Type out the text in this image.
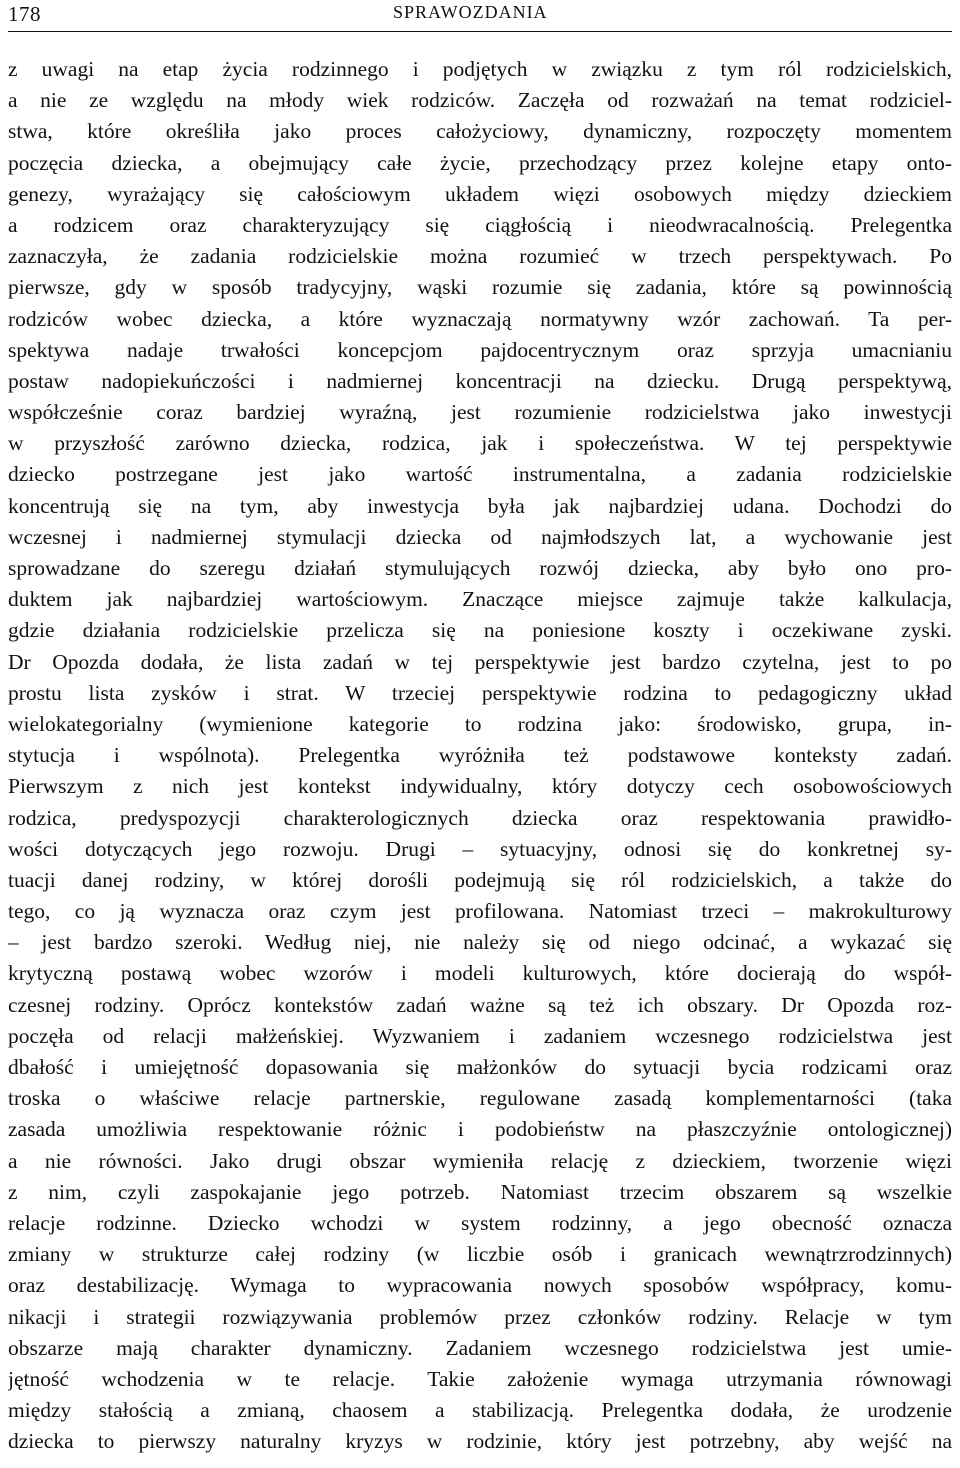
178	SPRAWOZDANIA
z uwagi na etap życia rodzinnego i podjętych w związku z tym ról rodzicielskich,
a nie ze względu na młody wiek rodziców. Zaczęła od rozważań na temat rodziciel-
stwa, które określiła jako proces całożyciowy, dynamiczny, rozpoczęty momentem
poczęcia dziecka, a obejmujący całe życie, przechodzący przez kolejne etapy onto-
genezy, wyrażający się całościowym układem więzi osobowych między dzieckiem
a rodzicem oraz charakteryzujący się ciągłością i nieodwracalnością. Prelegentka
zaznaczyła, że zadania rodzicielskie można rozumieć w trzech perspektywach. Po
pierwsze, gdy w sposób tradycyjny, wąski rozumie się zadania, które są powinnością
rodziców wobec dziecka, a które wyznaczają normatywny wzór zachowań. Ta per-
spektywa nadaje trwałości koncepcjom pajdocentrycznym oraz sprzyja umacnianiu
postaw nadopiekuńczości i nadmiernej koncentracji na dziecku. Drugą perspektywą,
współcześnie coraz bardziej wyraźną, jest rozumienie rodzicielstwa jako inwestycji
w przyszłość zarówno dziecka, rodzica, jak i społeczeństwa. W tej perspektywie
dziecko postrzegane jest jako wartość instrumentalna, a zadania rodzicielskie
koncentrują się na tym, aby inwestycja była jak najbardziej udana. Dochodzi do
wczesnej i nadmiernej stymulacji dziecka od najmłodszych lat, a wychowanie jest
sprowadzane do szeregu działań stymulujących rozwój dziecka, aby było ono pro-
duktem jak najbardziej wartościowym. Znaczące miejsce zajmuje także kalkulacja,
gdzie działania rodzicielskie przelicza się na poniesione koszty i oczekiwane zyski.
Dr Opozda dodała, że lista zadań w tej perspektywie jest bardzo czytelna, jest to po
prostu lista zysków i strat. W trzeciej perspektywie rodzina to pedagogiczny układ
wielokategorialny (wymienione kategorie to rodzina jako: środowisko, grupa, in-
stytucja i wspólnota). Prelegentka wyróżniła też podstawowe konteksty zadań.
Pierwszym z nich jest kontekst indywidualny, który dotyczy cech osobowościowych
rodzica, predyspozycji charakterologicznych dziecka oraz respektowania prawidło-
wości dotyczących jego rozwoju. Drugi – sytuacyjny, odnosi się do konkretnej sy-
tuacji danej rodziny, w której dorośli podejmują się ról rodzicielskich, a także do
tego, co ją wyznacza oraz czym jest profilowana. Natomiast trzeci – makrokulturowy
– jest bardzo szeroki. Według niej, nie należy się od niego odcinać, a wykazać się
krytyczną postawą wobec wzorów i modeli kulturowych, które docierają do współ-
czesnej rodziny. Oprócz kontekstów zadań ważne są też ich obszary. Dr Opozda roz-
poczęła od relacji małżeńskiej. Wyzwaniem i zadaniem wczesnego rodzicielstwa jest
dbałość i umiejętność dopasowania się małżonków do sytuacji bycia rodzicami oraz
troska o właściwe relacje partnerskie, regulowane zasadą komplementarności (taka
zasada umożliwia respektowanie różnic i podobieństw na płaszczyźnie ontologicznej)
a nie równości. Jako drugi obszar wymieniła relację z dzieckiem, tworzenie więzi
z nim, czyli zaspokajanie jego potrzeb. Natomiast trzecim obszarem są wszelkie
relacje rodzinne. Dziecko wchodzi w system rodzinny, a jego obecność oznacza
zmiany w strukturze całej rodziny (w liczbie osób i granicach wewnątrzrodzinnych)
oraz destabilizację. Wymaga to wypracowania nowych sposobów współpracy, komu-
nikacji i strategii rozwiązywania problemów przez członków rodziny. Relacje w tym
obszarze mają charakter dynamiczny. Zadaniem wczesnego rodzicielstwa jest umie-
jętność wchodzenia w te relacje. Takie założenie wymaga utrzymania równowagi
między stałością a zmianą, chaosem a stabilizacją. Prelegentka dodała, że urodzenie
dziecka to pierwszy naturalny kryzys w rodzinie, który jest potrzebny, aby wejść na
